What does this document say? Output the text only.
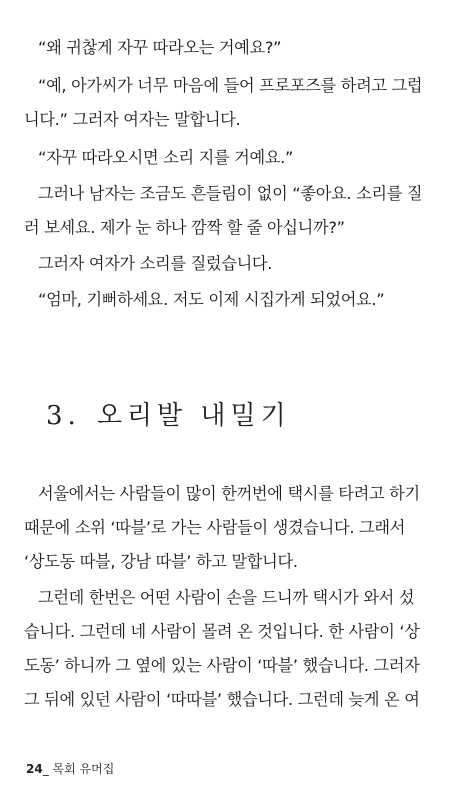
“왜 귀찮게 자꾸 따라오는 거예요?”
“예, 아가씨가 너무 마음에 들어 프로포즈를 하려고 그럽
니다.” 그러자 여자는 말합니다.
“자꾸 따라오시면 소리 지를 거예요.”
그러나 남자는 조금도 흔들림이 없이 “좋아요. 소리를 질
러 보세요. 제가 눈 하나 깜짝 할 줄 아십니까?”
그러자 여자가 소리를 질렀습니다.
“엄마, 기뻐하세요. 저도 이제 시집가게 되었어요.”
3. 오리발 내밀기
서울에서는 사람들이 많이 한꺼번에 택시를 타려고 하기
때문에 소위 ‘따블’로 가는 사람들이 생겼습니다. 그래서
‘상도동 따블, 강남 따블’ 하고 말합니다.
그런데 한번은 어떤 사람이 손을 드니까 택시가 와서 섰
습니다. 그런데 네 사람이 몰려 온 것입니다. 한 사람이 ‘상
도동’ 하니까 그 옆에 있는 사람이 ‘따블’ 했습니다. 그러자
그 뒤에 있던 사람이 ‘따따블’ 했습니다. 그런데 늦게 온 여
24_ 목회 유머집
